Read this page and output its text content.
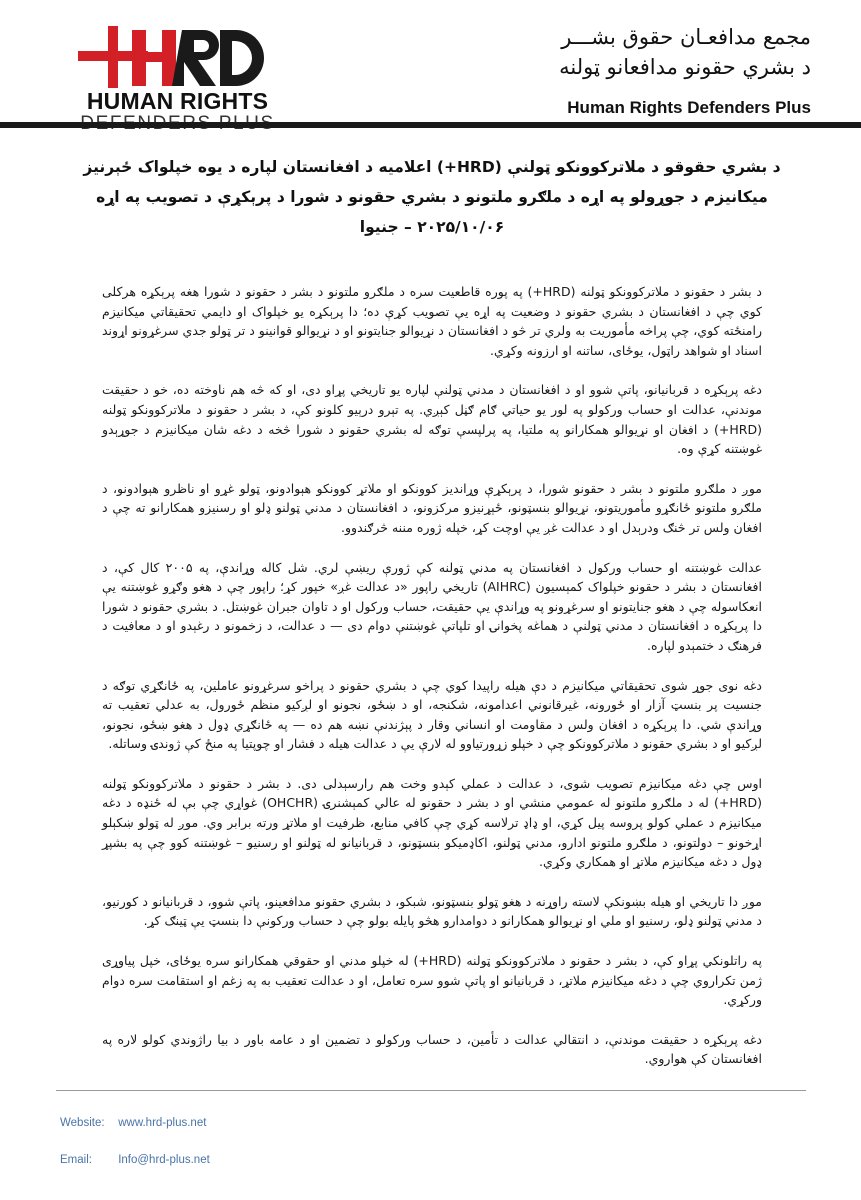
HUMAN RIGHTS
مجمع مدافعـان حقوق بشـــر
د بشري حقونو مدافعانو ټولنه
Human Rights Defenders Plus
د بشري حقوقو د ملاترکوونکو ټولنې (HRD+) اعلامیه د افغانستان لپاره د یوه خپلواک ځېرنیز
میکانیزم د جوړولو په اړه د ملګرو ملتونو د بشري حقونو د شورا د پرېکړې د تصویب په اړه
۲۰۲۵/۱۰/۰۶ – جنیوا

د بشر د حقونو د ملاترکوونکو ټولنه (HRD+) په پوره قاطعیت سره د ملګرو ملتونو د بشر د حقونو د شورا هغه پرېکړه هرکلی کوي چې د افغانستان د بشري حقونو د وضعیت په اړه یې تصویب کړې ده؛ دا پرېکړه یو خپلواک او دایمي تحقیقاتي میکانیزم رامنځته کوي، چې پراخه مأموریت به ولري تر څو د افغانستان د نړیوالو جنایتونو او د نړیوالو قوانینو د تر ټولو جدي سرغړونو اړوند اسناد او شواهد راټول، یوځای، ساتنه او ارزونه وکړي.

دغه پرېکړه د قربانیانو، پاتې شوو او د افغانستان د مدني ټولنې لپاره یو تاریخي پړاو دی، او که څه هم ناوخته ده، خو د حقیقت موندنې، عدالت او حساب ورکولو په لور یو حیاتي ګام ګڼل کېږي. په تېرو درېیو کلونو کې، د بشر د حقونو د ملاترکوونکو ټولنه (HRD+) د افغان او نړیوالو همکارانو په ملتیا، په پرلپسې توګه له بشري حقونو د شورا څخه د دغه شان میکانیزم د جوړېدو غوښتنه کړې وه.

موږ د ملګرو ملتونو د بشر د حقونو شورا، د پرېکړې وړاندیز کوونکو او ملاتړ کوونکو هېوادونو، ټولو غړو او ناظرو هېوادونو، د ملګرو ملتونو ځانګړو مأموریتونو، نړیوالو بنسټونو، ځېړنیزو مرکزونو، د افغانستان د مدني ټولنو ډلو او رسنیزو همکارانو ته چې د افغان ولس تر څنګ ودرېدل او د عدالت غږ یې اوچت کړ، خپله ژوره مننه څرګندوو.

عدالت غوښتنه او حساب ورکول د افغانستان په مدني ټولنه کې ژورې ریښې لري. شل کاله وړاندې، په ۲۰۰۵ کال کې، د افغانستان د بشر د حقونو خپلواک کمېسیون (AIHRC) تاریخي راپور «د عدالت غږ» خپور کړ؛ راپور چې د هغو وګړو غوښتنه یې انعکاسوله چې د هغو جنایتونو او سرغړونو په وړاندې یې حقیقت، حساب ورکول او د تاوان جبران غوښتل. د بشري حقونو د شورا دا پرېکړه د افغانستان د مدني ټولنې د هماغه پخوانۍ او تلپاتې غوښتنې دوام دی — د عدالت، د زخمونو د رغېدو او د معافیت د فرهنګ د ختمېدو لپاره.

دغه نوی جوړ شوی تحقیقاتي میکانیزم د دې هیله راپیدا کوي چې د بشري حقونو د پراخو سرغړونو عاملین، په ځانګړي توګه د جنسیت پر بنسټ آزار او ځورونه، غیرقانوني اعدامونه، شکنجه، او د ښځو، نجونو او لږکیو منظم ځورول، به عدلي تعقیب ته وړاندې شي. دا پرېکړه د افغان ولس د مقاومت او انساني وقار د پېژندنې نښه هم ده — په ځانګړي ډول د هغو ښځو، نجونو، لږکیو او د بشري حقونو د ملاترکوونکو چې د خپلو زړورتیاوو له لارې یې د عدالت هیله د فشار او چوپتیا په منځ کې ژوندۍ وساتله.

اوس چې دغه میکانیزم تصویب شوی، د عدالت د عملي کېدو وخت هم رارسېدلی دی. د بشر د حقونو د ملاترکوونکو ټولنه (HRD+) له د ملګرو ملتونو له عمومي منشي او د بشر د حقونو له عالي کمېشنرۍ (OHCHR) غواړي چې بې له ځنډه د دغه میکانیزم د عملي کولو پروسه پیل کړي، او ډاډ ترلاسه کړي چې کافي منابع، ظرفیت او ملاتړ ورته برابر وي. موږ له ټولو ښکېلو اړخونو – دولتونو، د ملګرو ملتونو ادارو، مدني ټولنو، اکاډمیکو بنسټونو، د قربانیانو له ټولنو او رسنیو – غوښتنه کوو چې په بشپړ ډول د دغه میکانیزم ملاتړ او همکاري وکړي.

موږ دا تاریخي او هیله بښونکې لاسته راوړنه د هغو ټولو بنسټونو، شبکو، د بشري حقونو مدافعینو، پاتې شوو، د قربانیانو د کورنیو، د مدني ټولنو ډلو، رسنیو او ملي او نړیوالو همکارانو د دوامدارو هڅو پایله بولو چې د حساب ورکونې دا بنسټ یې ټینګ کړ.

په راتلونکي پړاو کې، د بشر د حقونو د ملاترکوونکو ټولنه (HRD+) له خپلو مدني او حقوقي همکارانو سره یوځای، خپل پیاوړی ژمن تکراروي چې د دغه میکانیزم ملاتړ، د قربانیانو او پاتې شوو سره تعامل، او د عدالت تعقیب به په زغم او استقامت سره دوام ورکړي.

دغه پرېکړه د حقیقت موندنې، د انتقالي عدالت د تأمین، د حساب ورکولو د تضمین او د عامه باور د بیا راژوندي کولو لاره په افغانستان کې هواروي.

Website: www.hrd-plus.net
Email: Info@hrd-plus.net
